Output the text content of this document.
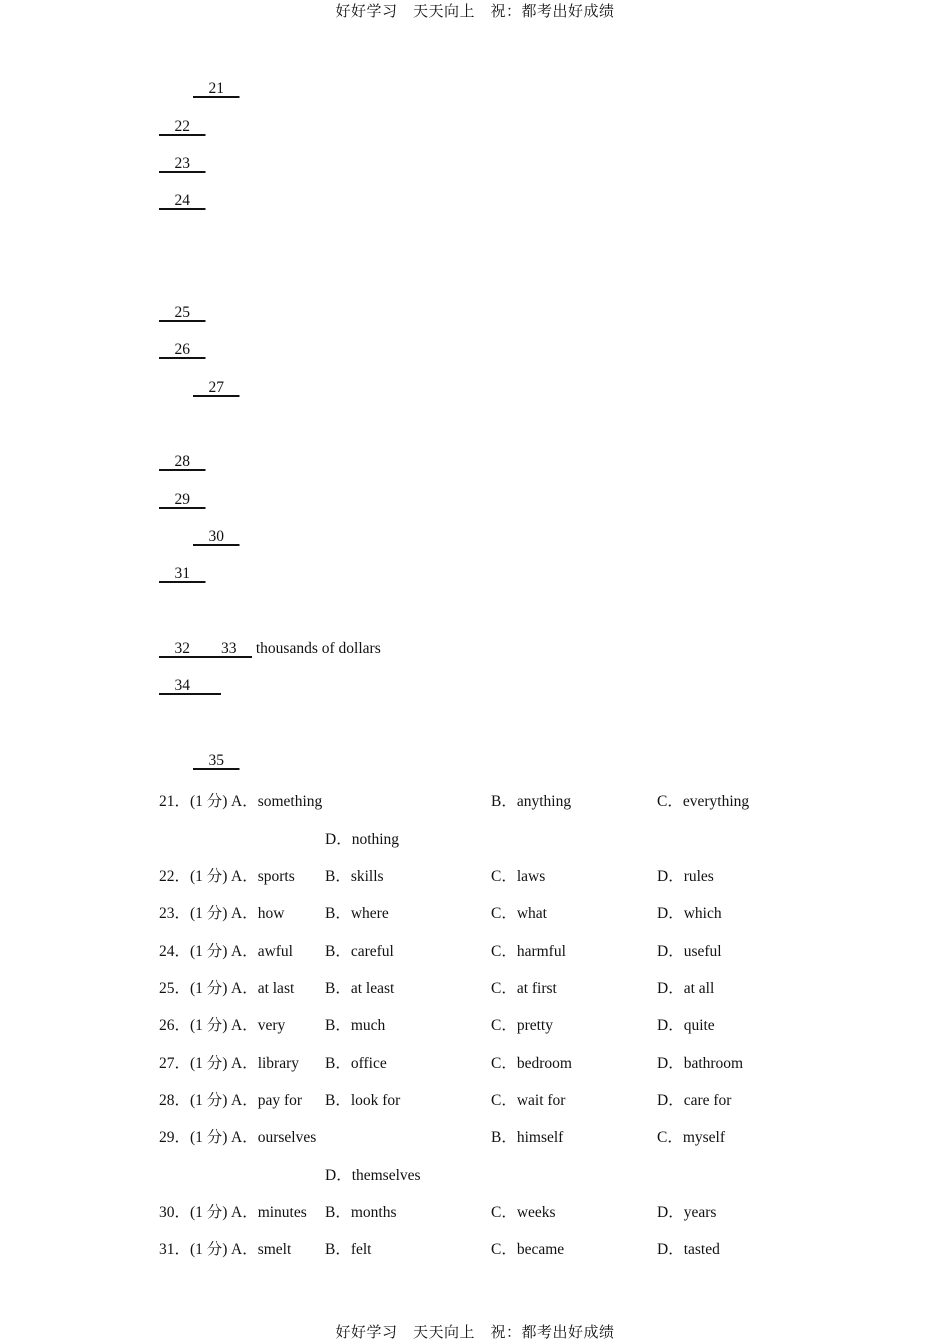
好好学习　天天向上　祝：都考出好成绩
21
22
23
24
25
26
27
28
29
30
31
32        33     thousands of dollars
34
35
21．(1 分) A．something	B．anything	C．everything
D．nothing
22．(1 分) A．sports B．skills	C．laws	D．rules
23．(1 分) A．how	B．where	C．what	D．which
24．(1 分) A．awful B．careful	C．harmful	D．useful
25．(1 分) A．at last B．at least	C．at first	D．at all
26．(1 分) A．very	B．much	C．pretty	D．quite
27．(1 分) A．library B．office	C．bedroom	D．bathroom
28．(1 分) A．pay for B．look for	C．wait for	D．care for
29．(1 分) A．ourselves	B．himself	C．myself
D．themselves
30．(1 分) A．minutes B．months	C．weeks	D．years
31．(1 分) A．smelt B．felt	C．became	D．tasted
好好学习　天天向上　祝：都考出好成绩
